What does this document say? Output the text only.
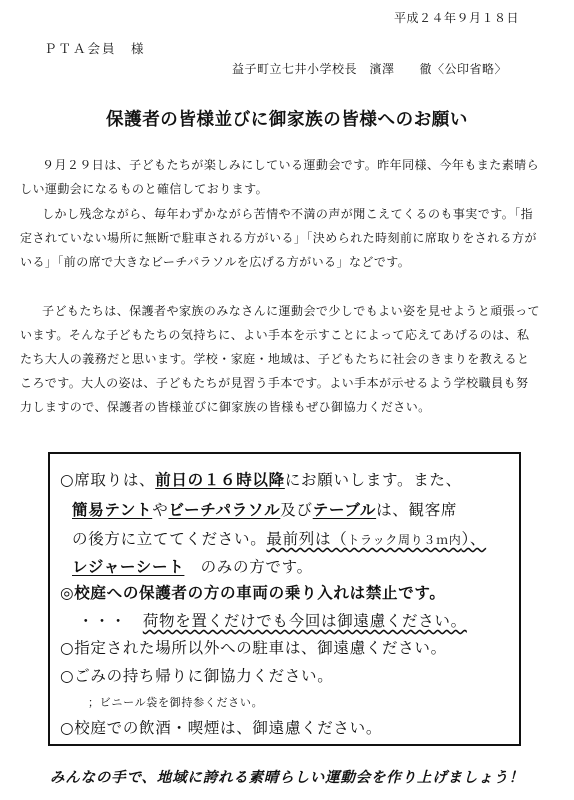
平成２４年９月１８日
ＰＴＡ会員　様
益子町立七井小学校長　濱澤　　徹〈公印省略〉
保護者の皆様並びに御家族の皆様へのお願い

９月２９日は、子どもたちが楽しみにしている運動会です。昨年同様、今年もまた素晴らしい運動会になるものと確信しております。

しかし残念ながら、毎年わずかながら苦情や不満の声が聞こえてくるのも事実です。「指定されていない場所に無断で駐車される方がいる」「決められた時刻前に席取りをされる方がいる」「前の席で大きなビーチパラソルを広げる方がいる」などです。

子どもたちは、保護者や家族のみなさんに運動会で少しでもよい姿を見せようと頑張っています。そんな子どもたちの気持ちに、よい手本を示すことによって応えてあげるのは、私たち大人の義務だと思います。学校・家庭・地域は、子どもたちに社会のきまりを教えるところです。大人の姿は、子どもたちが見習う手本です。よい手本が示せるよう学校職員も努力しますので、保護者の皆様並びに御家族の皆様もぜひ御協力ください。

○席取りは、前日の１６時以降にお願いします。また、
簡易テントやビーチパラソル及びテーブルは、観客席
の後方に立ててください。最前列は（トラック周り３ｍ内）、
レジャーシート　のみの方です。
◎校庭への保護者の方の車両の乗り入れは禁止です。
・・・　荷物を置くだけでも今回は御遠慮ください。
○指定された場所以外への駐車は、御遠慮ください。
○ごみの持ち帰りに御協力ください。
；ビニール袋を御持参ください。
○校庭での飲酒・喫煙は、御遠慮ください。
みんなの手で、地域に誇れる素晴らしい運動会を作り上げましょう！
